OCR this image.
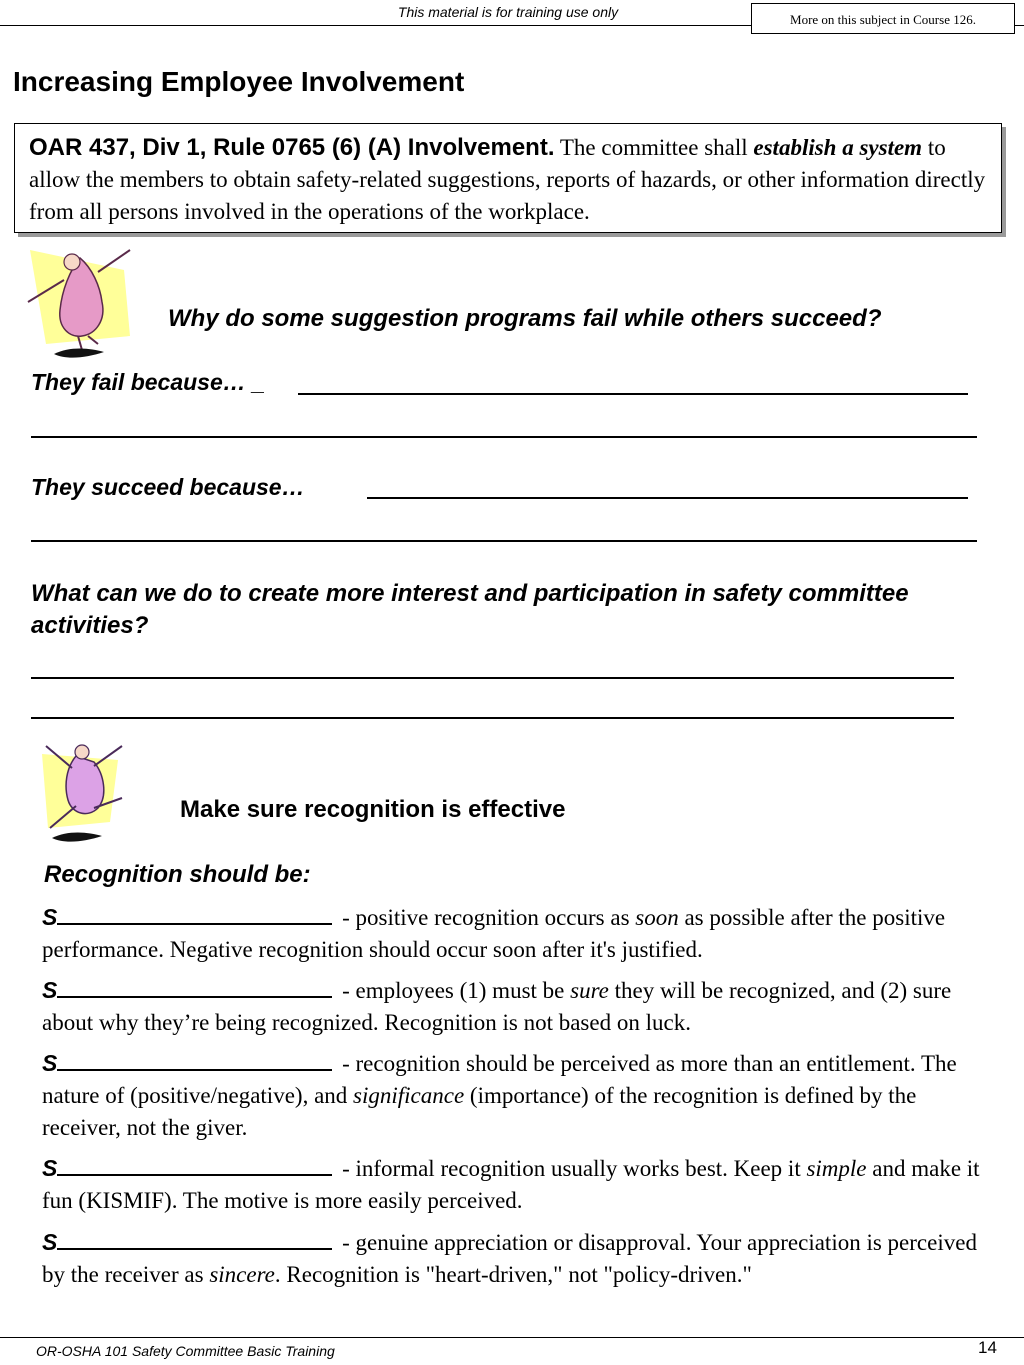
This material is for training use only	More on this subject in Course 126.
Increasing Employee Involvement
OAR 437, Div 1, Rule 0765 (6) (A) Involvement. The committee shall establish a system to allow the members to obtain safety-related suggestions, reports of hazards, or other information directly from all persons involved in the operations of the workplace.
Why do some suggestion programs fail while others succeed?
They fail because… _
They succeed because…
What can we do to create more interest and participation in safety committee activities?
Make sure recognition is effective
Recognition should be:
S	- positive recognition occurs as soon as possible after the positive performance. Negative recognition should occur soon after it's justified.
S	- employees (1) must be sure they will be recognized, and (2) sure about why they’re being recognized. Recognition is not based on luck.
S	- recognition should be perceived as more than an entitlement. The nature of (positive/negative), and significance (importance) of the recognition is defined by the receiver, not the giver.
S	- informal recognition usually works best. Keep it simple and make it fun (KISMIF). The motive is more easily perceived.
S	- genuine appreciation or disapproval. Your appreciation is perceived by the receiver as sincere. Recognition is "heart-driven," not "policy-driven."
OR-OSHA 101 Safety Committee Basic Training	14
